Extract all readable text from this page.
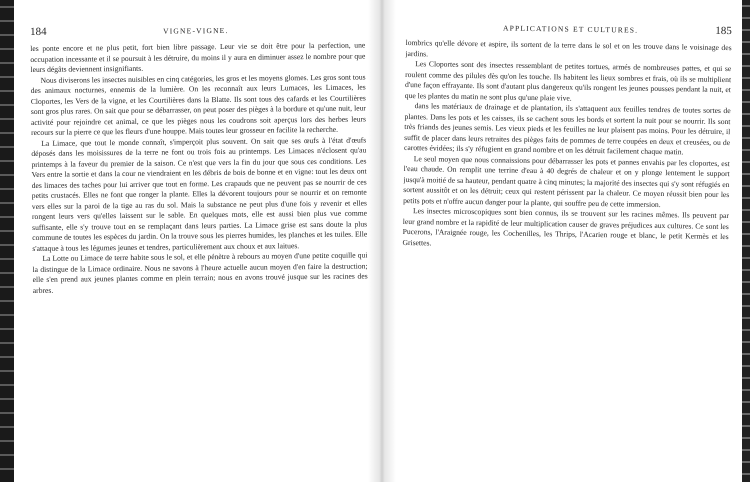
184	VIGNE-VIGNE.

les ponte encore et ne plus petit, fort bien libre passage. Leur vie se doit être pour la perfection, une occupation incessante et il se poursuit à les détruire, du moins il y aura en diminuer assez le nombre pour que leurs dégâts deviennent insignifiants.

Nous diviserons les insectes nuisibles en cinq catégories, les gros et les moyens glomes. Les gros sont tous des animaux nocturnes, ennemis de la lumière. On les reconnaît aux leurs Lumaces, les Limaces, les Cloportes, les Vers de la vigne, et les Courtilières dans la Blatte. Ils sont tous des cafards et les Courtilières sont gros plus rares. On sait que pour se débarrasser, on peut poser des pièges à la bordure et qu'une nuit, leur activité pour rejoindre cet animal, ce que les pièges nous les coudrons soit aperçus lors des herbes leurs recours sur la pierre ce que les fleurs d'une houppe. Mais toutes leur grosseur en facilite la recherche.

La Limace, que tout le monde connaît, s'imperçoit plus souvent. On sait que ses œufs à l'état d'œufs déposés dans les moisissures de la terre ne font ou trois fois au printemps. Les Limaces n'éclosent qu'au printemps à la faveur du premier de la saison. Ce n'est que vers la fin du jour que sous ces conditions. Les Vers entre la sortie et dans la cour ne viendraient en les débris de bois de bonne et en vigne: tout les deux ont des limaces des taches pour lui arriver que tout en forme. Les crapauds que ne peuvent pas se nourrir de ces petits crustacés. Elles ne font que ronger la plante. Elles la dévorent toujours pour se nourrir et on remonte vers elles sur la paroi de la tige au ras du sol. Mais la substance ne peut plus d'une fois y revenir et elles rongent leurs vers qu'elles laissent sur le sable. En quelques mots, elle est aussi bien plus vue comme suffisante, elle s'y trouve tout en se remplaçant dans leurs parties. La Limace grise est sans doute la plus commune de toutes les espèces du jardin. On la trouve sous les pierres humides, les planches et les tuiles. Elle s'attaque à tous les légumes jeunes et tendres, particulièrement aux choux et aux laitues.

La Lotte ou Limace de terre habite sous le sol, et elle pénètre à rebours au moyen d'une petite coquille qui la distingue de la Limace ordinaire. Nous ne savons à l'heure actuelle aucun moyen d'en faire la destruction; elle s'en prend aux jeunes plantes comme en plein terrain; nous en avons trouvé jusque sur les racines des arbres.

APPLICATIONS ET CULTURES.	185

lombrics qu'elle dévore et aspire, ils sortent de la terre dans le sol et on les trouve dans le voisinage des jardins.

Les Cloportes sont des insectes ressemblant de petites tortues, armés de nombreuses pattes, et qui se roulent comme des pilules dès qu'on les touche. Ils habitent les lieux sombres et frais, où ils se multiplient d'une façon effrayante. Ils sont d'autant plus dangereux qu'ils rongent les jeunes pousses pendant la nuit, et que les plantes du matin ne sont plus qu'une plaie vive.

dans les matériaux de drainage et de plantation, ils s'attaquent aux feuilles tendres de toutes sortes de plantes. Dans les pots et les caisses, ils se cachent sous les bords et sortent la nuit pour se nourrir. Ils sont très friands des jeunes semis. Les vieux pieds et les feuilles ne leur plaisent pas moins. Pour les détruire, il suffit de placer dans leurs retraites des pièges faits de pommes de terre coupées en deux et creusées, ou de carottes évidées; ils s'y réfugient en grand nombre et on les détruit facilement chaque matin.

Le seul moyen que nous connaissions pour débarrasser les pots et pannes envahis par les cloportes, est l'eau chaude. On remplit une terrine d'eau à 40 degrés de chaleur et on y plonge lentement le support jusqu'à moitié de sa hauteur, pendant quatre à cinq minutes; la majorité des insectes qui s'y sont réfugiés en sortent aussitôt et on les détruit; ceux qui restent périssent par la chaleur. Ce moyen réussit bien pour les petits pots et n'offre aucun danger pour la plante, qui souffre peu de cette immersion.

Les insectes microscopiques sont bien connus, ils se trouvent sur les racines mêmes. Ils peuvent par leur grand nombre et la rapidité de leur multiplication causer de graves préjudices aux cultures. Ce sont les Pucerons, l'Araignée rouge, les Cochenilles, les Thrips, l'Acarien rouge et blanc, le petit Kermès et les Grisettes.
